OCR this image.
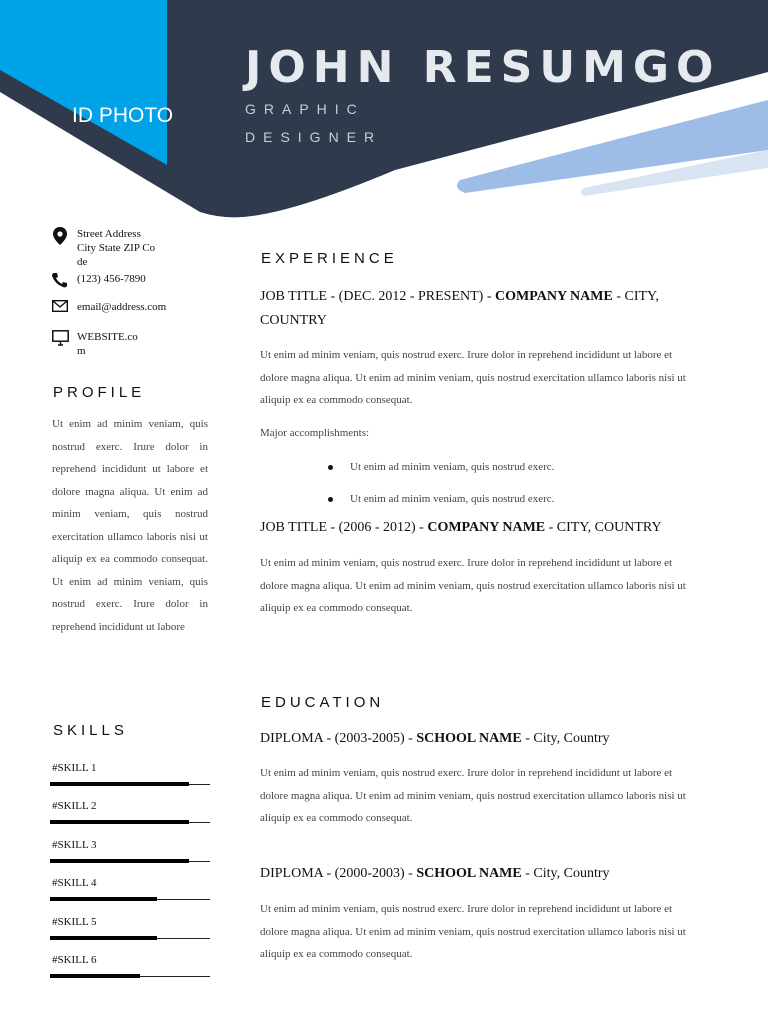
ID PHOTO
JOHN RESUMGO
GRAPHIC
DESIGNER
Street Address
City State ZIP Code
(123) 456-7890
email@address.com
WEBSITE.com
PROFILE
Ut enim ad minim veniam, quis nostrud exerc. Irure dolor in reprehend incididunt ut labore et dolore magna aliqua. Ut enim ad minim veniam, quis nostrud exercitation ullamco laboris nisi ut aliquip ex ea commodo consequat. Ut enim ad minim veniam, quis nostrud exerc. Irure dolor in reprehend incididunt ut labore
SKILLS
#SKILL 1
#SKILL 2
#SKILL 3
#SKILL 4
#SKILL 5
#SKILL 6
EXPERIENCE
JOB TITLE - (DEC. 2012 - PRESENT) - COMPANY NAME - CITY, COUNTRY
Ut enim ad minim veniam, quis nostrud exerc. Irure dolor in reprehend incididunt ut labore et dolore magna aliqua. Ut enim ad minim veniam, quis nostrud exercitation ullamco laboris nisi ut aliquip ex ea commodo consequat.
Major accomplishments:
Ut enim ad minim veniam, quis nostrud exerc.
Ut enim ad minim veniam, quis nostrud exerc.
JOB TITLE - (2006 - 2012) - COMPANY NAME - CITY, COUNTRY
Ut enim ad minim veniam, quis nostrud exerc. Irure dolor in reprehend incididunt ut labore et dolore magna aliqua. Ut enim ad minim veniam, quis nostrud exercitation ullamco laboris nisi ut aliquip ex ea commodo consequat.
EDUCATION
DIPLOMA - (2003-2005) - SCHOOL NAME - City, Country
Ut enim ad minim veniam, quis nostrud exerc. Irure dolor in reprehend incididunt ut labore et dolore magna aliqua. Ut enim ad minim veniam, quis nostrud exercitation ullamco laboris nisi ut aliquip ex ea commodo consequat.
DIPLOMA - (2000-2003) - SCHOOL NAME - City, Country
Ut enim ad minim veniam, quis nostrud exerc. Irure dolor in reprehend incididunt ut labore et dolore magna aliqua. Ut enim ad minim veniam, quis nostrud exercitation ullamco laboris nisi ut aliquip ex ea commodo consequat.
